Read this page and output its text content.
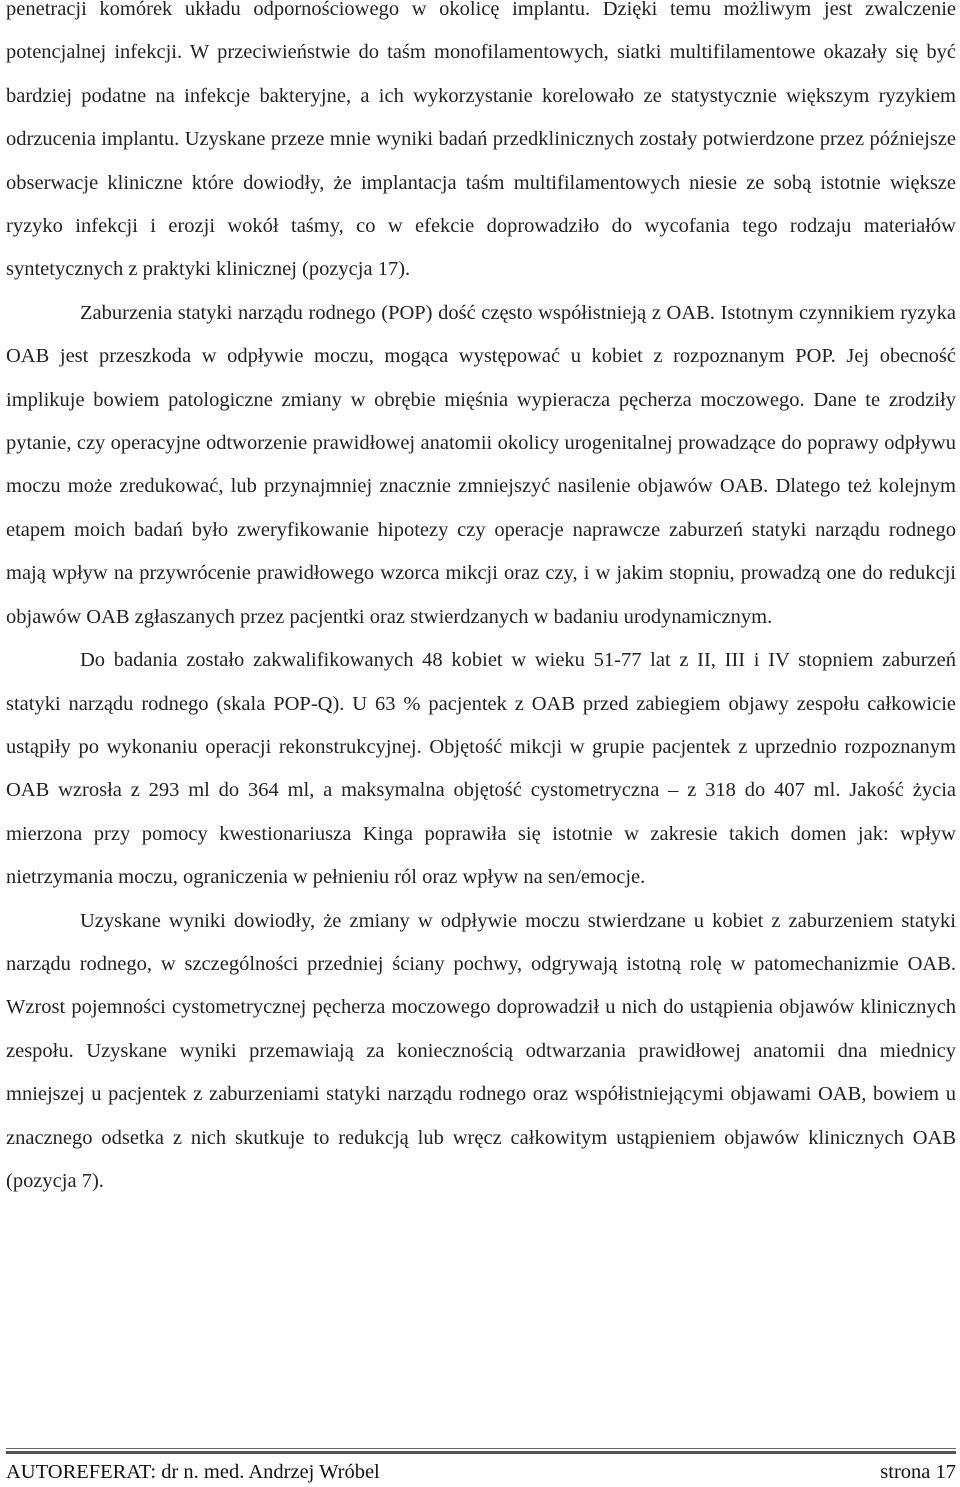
penetracji komórek układu odpornościowego w okolicę implantu. Dzięki temu możliwym jest zwalczenie potencjalnej infekcji. W przeciwieństwie do taśm monofilamentowych, siatki multifilamentowe okazały się być bardziej podatne na infekcje bakteryjne, a ich wykorzystanie korelowało ze statystycznie większym ryzykiem odrzucenia implantu. Uzyskane przeze mnie wyniki badań przedklinicznych zostały potwierdzone przez późniejsze obserwacje kliniczne które dowiodły, że implantacja taśm multifilamentowych niesie ze sobą istotnie większe ryzyko infekcji i erozji wokół taśmy, co w efekcie doprowadziło do wycofania tego rodzaju materiałów syntetycznych z praktyki klinicznej (pozycja 17).

Zaburzenia statyki narządu rodnego (POP) dość często współistnieją z OAB. Istotnym czynnikiem ryzyka OAB jest przeszkoda w odpływie moczu, mogąca występować u kobiet z rozpoznanym POP. Jej obecność implikuje bowiem patologiczne zmiany w obrębie mięśnia wypieracza pęcherza moczowego. Dane te zrodziły pytanie, czy operacyjne odtworzenie prawidłowej anatomii okolicy urogenitalnej prowadzące do poprawy odpływu moczu może zredukować, lub przynajmniej znacznie zmniejszyć nasilenie objawów OAB. Dlatego też kolejnym etapem moich badań było zweryfikowanie hipotezy czy operacje naprawcze zaburzeń statyki narządu rodnego mają wpływ na przywrócenie prawidłowego wzorca mikcji oraz czy, i w jakim stopniu, prowadzą one do redukcji objawów OAB zgłaszanych przez pacjentki oraz stwierdzanych w badaniu urodynamicznym.

Do badania zostało zakwalifikowanych 48 kobiet w wieku 51-77 lat z II, III i IV stopniem zaburzeń statyki narządu rodnego (skala POP-Q). U 63 % pacjentek z OAB przed zabiegiem objawy zespołu całkowicie ustąpiły po wykonaniu operacji rekonstrukcyjnej. Objętość mikcji w grupie pacjentek z uprzednio rozpoznanym OAB wzrosła z 293 ml do 364 ml, a maksymalna objętość cystometryczna – z 318 do 407 ml. Jakość życia mierzona przy pomocy kwestionariusza Kinga poprawiła się istotnie w zakresie takich domen jak: wpływ nietrzymania moczu, ograniczenia w pełnieniu ról oraz wpływ na sen/emocje.

Uzyskane wyniki dowiodły, że zmiany w odpływie moczu stwierdzane u kobiet z zaburzeniem statyki narządu rodnego, w szczególności przedniej ściany pochwy, odgrywają istotną rolę w patomechanizmie OAB. Wzrost pojemności cystometrycznej pęcherza moczowego doprowadził u nich do ustąpienia objawów klinicznych zespołu. Uzyskane wyniki przemawiają za koniecznością odtwarzania prawidłowej anatomii dna miednicy mniejszej u pacjentek z zaburzeniami statyki narządu rodnego oraz współistniejącymi objawami OAB, bowiem u znacznego odsetka z nich skutkuje to redukcją lub wręcz całkowitym ustąpieniem objawów klinicznych OAB (pozycja 7).

AUTOREFERAT: dr n. med. Andrzej Wróbel	strona 17
